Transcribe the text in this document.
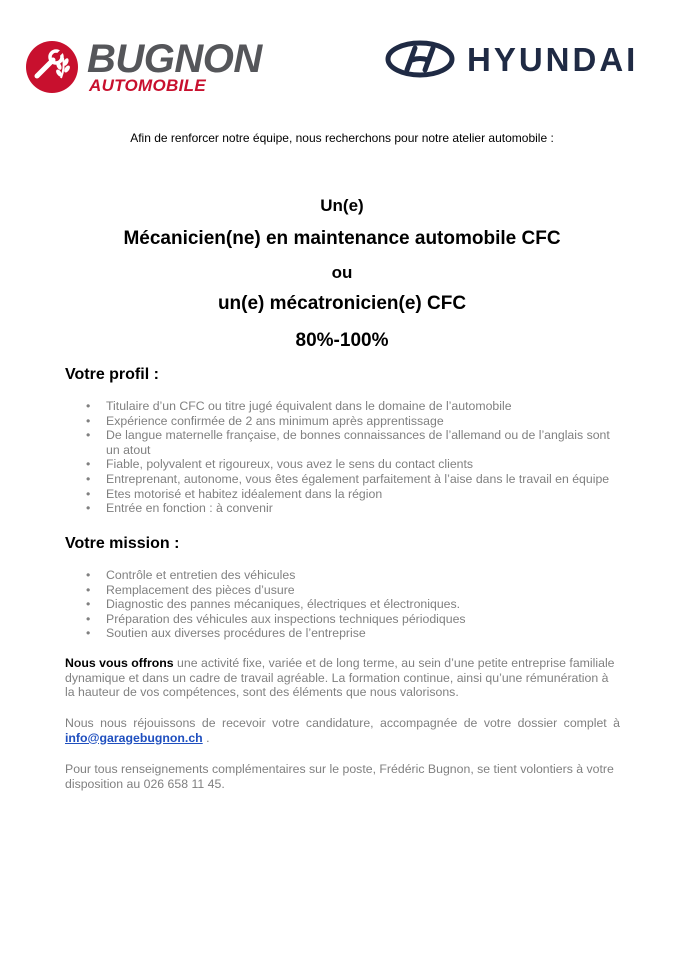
BUGNON
AUTOMOBILE
HYUNDAI
Afin de renforcer notre équipe, nous recherchons pour notre atelier automobile :
Un(e)
Mécanicien(ne) en maintenance automobile CFC
ou
un(e) mécatronicien(e) CFC
80%-100%
Votre profil :
• Titulaire d’un CFC ou titre jugé équivalent dans le domaine de l’automobile
• Expérience confirmée de 2 ans minimum après apprentissage
• De langue maternelle française, de bonnes connaissances de l’allemand ou de l’anglais sont un atout
• Fiable, polyvalent et rigoureux, vous avez le sens du contact clients
• Entreprenant, autonome, vous êtes également parfaitement à l’aise dans le travail en équipe
• Etes motorisé et habitez idéalement dans la région
• Entrée en fonction : à convenir
Votre mission :
• Contrôle et entretien des véhicules
• Remplacement des pièces d’usure
• Diagnostic des pannes mécaniques, électriques et électroniques.
• Préparation des véhicules aux inspections techniques périodiques
• Soutien aux diverses procédures de l’entreprise
Nous vous offrons une activité fixe, variée et de long terme, au sein d’une petite entreprise familiale dynamique et dans un cadre de travail agréable. La formation continue, ainsi qu’une rémunération à la hauteur de vos compétences, sont des éléments que nous valorisons.
Nous nous réjouissons de recevoir votre candidature, accompagnée de votre dossier complet à info@garagebugnon.ch .
Pour tous renseignements complémentaires sur le poste, Frédéric Bugnon, se tient volontiers à votre disposition au 026 658 11 45.
